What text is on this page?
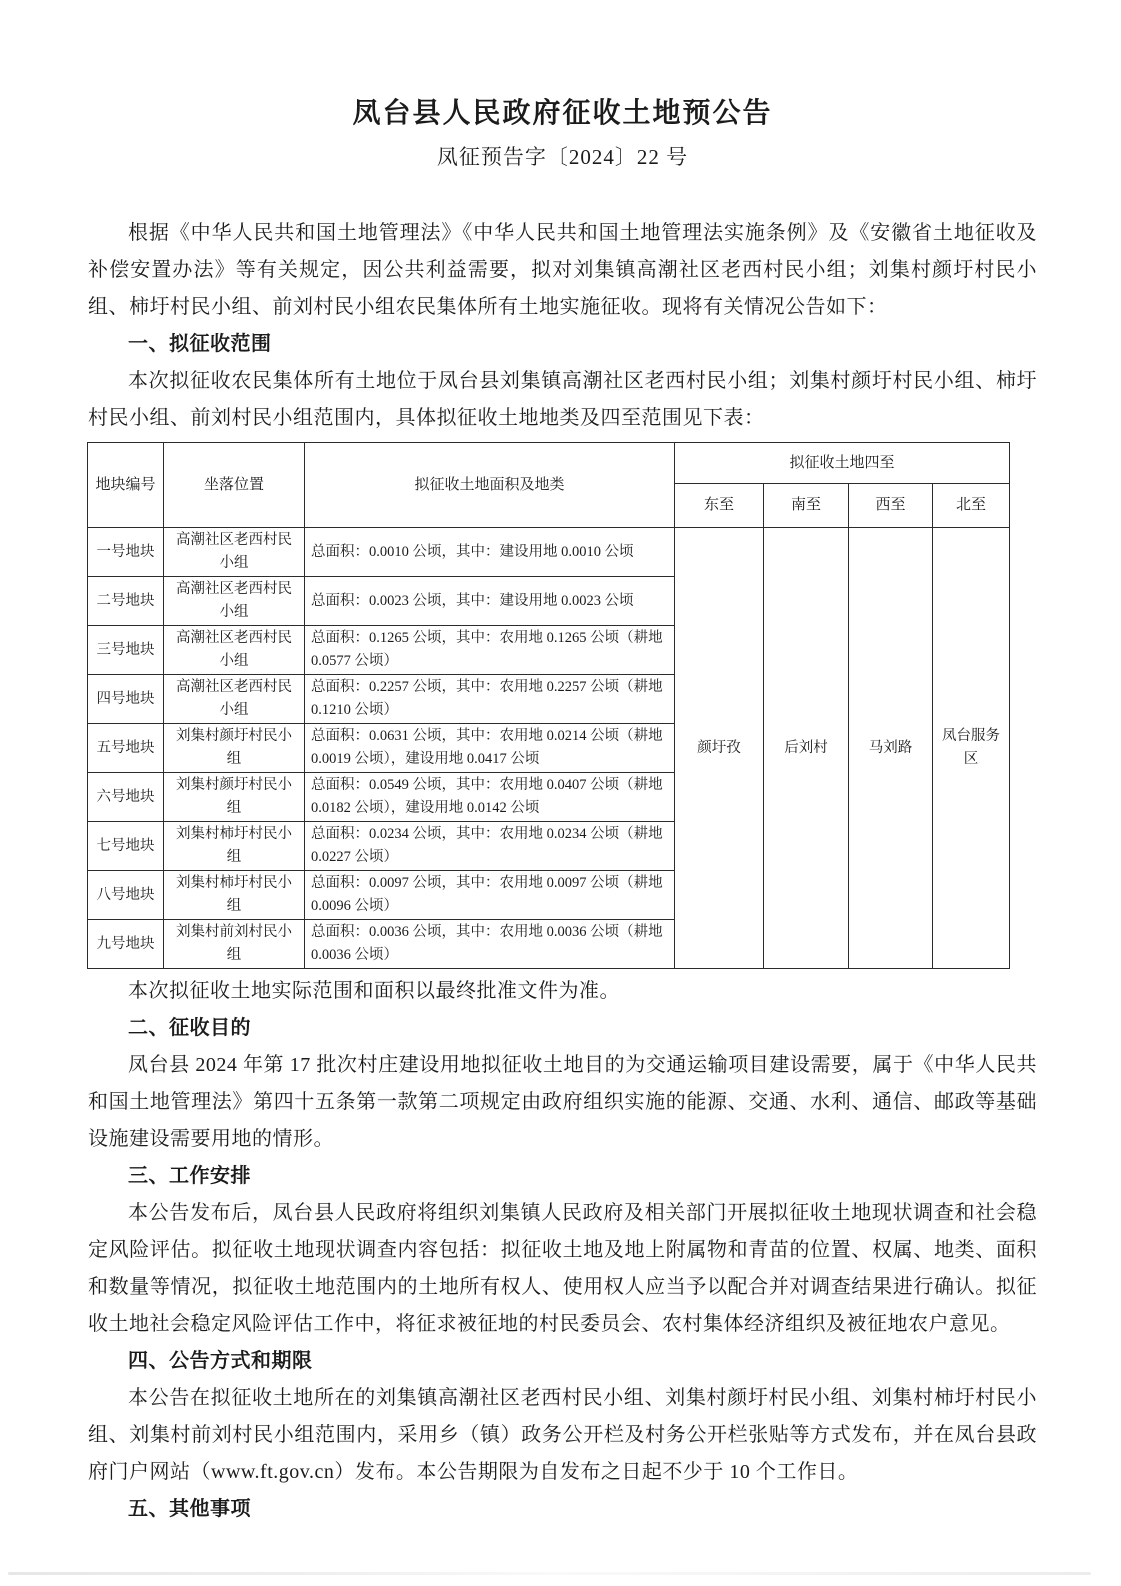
凤台县人民政府征收土地预公告
凤征预告字〔2024〕22 号

根据《中华人民共和国土地管理法》《中华人民共和国土地管理法实施条例》及《安徽省土地征收及补偿安置办法》等有关规定，因公共利益需要，拟对刘集镇高潮社区老西村民小组；刘集村颜圩村民小组、柿圩村民小组、前刘村民小组农民集体所有土地实施征收。现将有关情况公告如下：

一、拟征收范围

本次拟征收农民集体所有土地位于凤台县刘集镇高潮社区老西村民小组；刘集村颜圩村民小组、柿圩村民小组、前刘村民小组范围内，具体拟征收土地地类及四至范围见下表：

地块编号	坐落位置	拟征收土地面积及地类	拟征收土地四至			
			东至	南至	西至	北至
一号地块	高潮社区老西村民小组	总面积：0.0010 公顷，其中：建设用地 0.0010 公顷	颜圩孜	后刘村	马刘路	凤台服务区
二号地块	高潮社区老西村民小组	总面积：0.0023 公顷，其中：建设用地 0.0023 公顷				
三号地块	高潮社区老西村民小组	总面积：0.1265 公顷，其中：农用地 0.1265 公顷（耕地 0.0577 公顷）				
四号地块	高潮社区老西村民小组	总面积：0.2257 公顷，其中：农用地 0.2257 公顷（耕地 0.1210 公顷）				
五号地块	刘集村颜圩村民小组	总面积：0.0631 公顷，其中：农用地 0.0214 公顷（耕地 0.0019 公顷），建设用地 0.0417 公顷				
六号地块	刘集村颜圩村民小组	总面积：0.0549 公顷，其中：农用地 0.0407 公顷（耕地 0.0182 公顷），建设用地 0.0142 公顷				
七号地块	刘集村柿圩村民小组	总面积：0.0234 公顷，其中：农用地 0.0234 公顷（耕地 0.0227 公顷）				
八号地块	刘集村柿圩村民小组	总面积：0.0097 公顷，其中：农用地 0.0097 公顷（耕地 0.0096 公顷）				
九号地块	刘集村前刘村民小组	总面积：0.0036 公顷，其中：农用地 0.0036 公顷（耕地 0.0036 公顷）				

本次拟征收土地实际范围和面积以最终批准文件为准。

二、征收目的

凤台县 2024 年第 17 批次村庄建设用地拟征收土地目的为交通运输项目建设需要，属于《中华人民共和国土地管理法》第四十五条第一款第二项规定由政府组织实施的能源、交通、水利、通信、邮政等基础设施建设需要用地的情形。

三、工作安排

本公告发布后，凤台县人民政府将组织刘集镇人民政府及相关部门开展拟征收土地现状调查和社会稳定风险评估。拟征收土地现状调查内容包括：拟征收土地及地上附属物和青苗的位置、权属、地类、面积和数量等情况，拟征收土地范围内的土地所有权人、使用权人应当予以配合并对调查结果进行确认。拟征收土地社会稳定风险评估工作中，将征求被征地的村民委员会、农村集体经济组织及被征地农户意见。

四、公告方式和期限

本公告在拟征收土地所在的刘集镇高潮社区老西村民小组、刘集村颜圩村民小组、刘集村柿圩村民小组、刘集村前刘村民小组范围内，采用乡（镇）政务公开栏及村务公开栏张贴等方式发布，并在凤台县政府门户网站（www.ft.gov.cn）发布。本公告期限为自发布之日起不少于 10 个工作日。

五、其他事项
